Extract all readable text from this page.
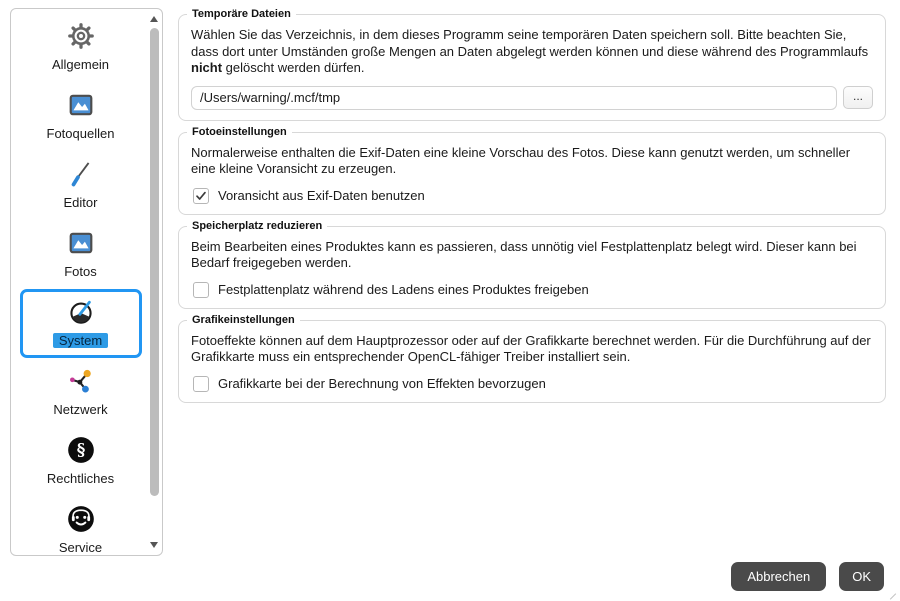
Allgemein
Fotoquellen
Editor
Fotos
System
Netzwerk
§
Rechtliches
Service
Temporäre Dateien

Wählen Sie das Verzeichnis, in dem dieses Programm seine temporären Daten speichern soll. Bitte beachten Sie, dass dort unter Umständen große Mengen an Daten abgelegt werden können und diese während des Programmlaufs nicht gelöscht werden dürfen.

/Users/warning/.mcf/tmp
...
Fotoeinstellungen

Normalerweise enthalten die Exif-Daten eine kleine Vorschau des Fotos. Diese kann genutzt werden, um schneller eine kleine Voransicht zu erzeugen.

Voransicht aus Exif-Daten benutzen
Speicherplatz reduzieren

Beim Bearbeiten eines Produktes kann es passieren, dass unnötig viel Festplattenplatz belegt wird. Dieser kann bei Bedarf freigegeben werden.

Festplattenplatz während des Ladens eines Produktes freigeben
Grafikeinstellungen

Fotoeffekte können auf dem Hauptprozessor oder auf der Grafikkarte berechnet werden. Für die Durchführung auf der Grafikkarte muss ein entsprechender OpenCL-fähiger Treiber installiert sein.

Grafikkarte bei der Berechnung von Effekten bevorzugen
Abbrechen	OK
